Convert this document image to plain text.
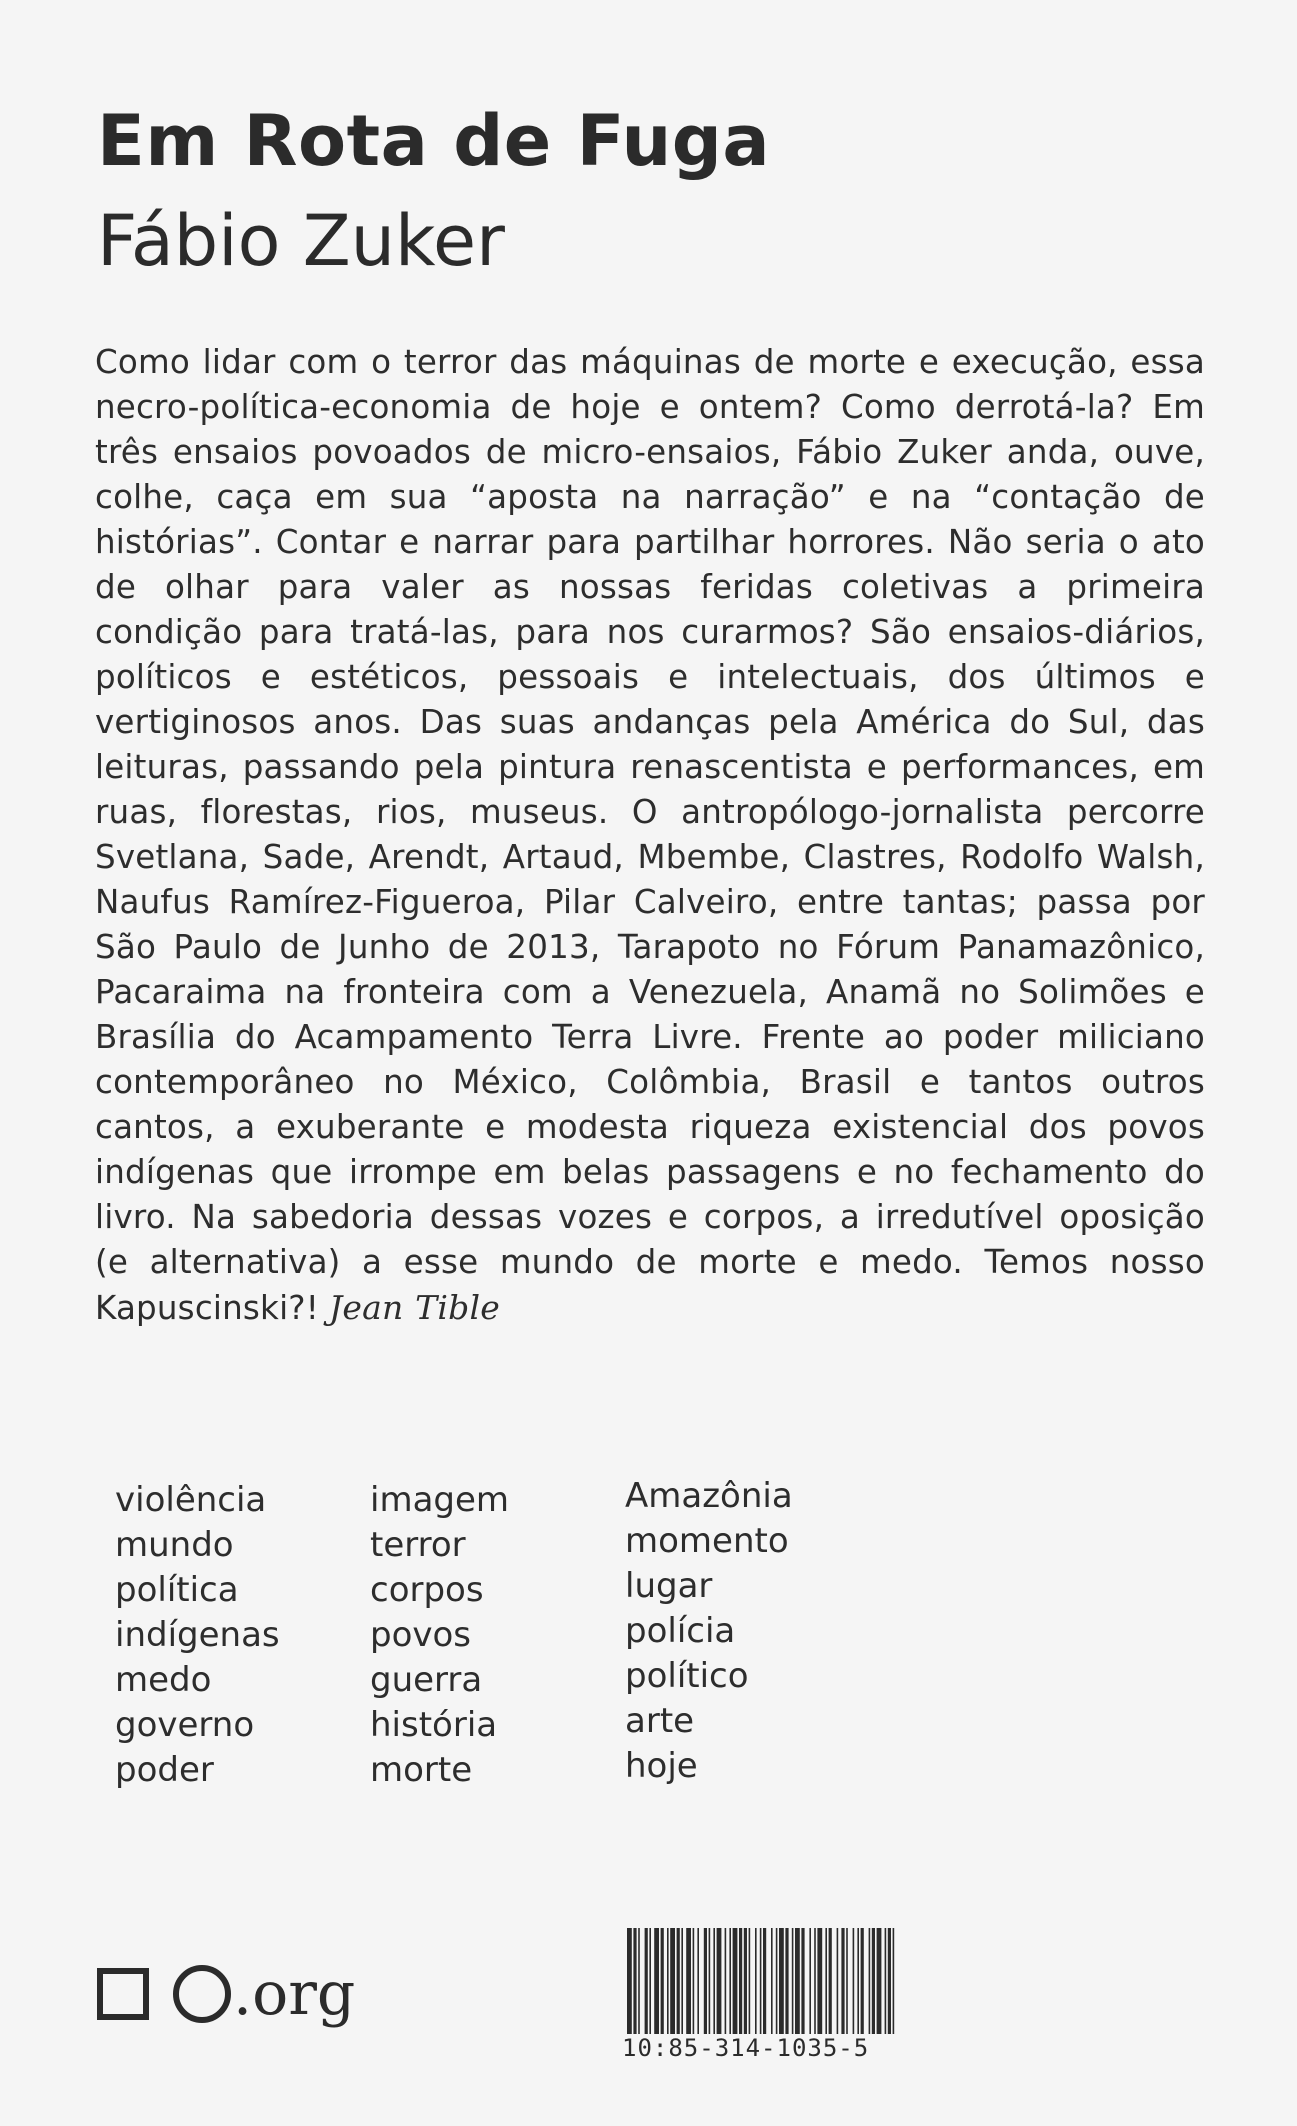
Em Rota de Fuga
Fábio Zuker

Como lidar com o terror das máquinas de morte e execução, essa necro-política-economia de hoje e ontem? Como derrotá-la? Em três ensaios povoados de micro-ensaios, Fábio Zuker anda, ouve, colhe, caça em sua “aposta na narração” e na “contação de histórias”. Contar e narrar para partilhar horrores. Não seria o ato de olhar para valer as nossas feridas coletivas a primeira condição para tratá-las, para nos curarmos? São ensaios-diários, políticos e estéticos, pessoais e intelectuais, dos últimos e vertiginosos anos. Das suas andanças pela América do Sul, das leituras, passando pela pintura renascentista e performances, em ruas, florestas, rios, museus. O antropólogo-jornalista percorre Svetlana, Sade, Arendt, Artaud, Mbembe, Clastres, Rodolfo Walsh, Naufus Ramírez-Figueroa, Pilar Calveiro, entre tantas; passa por São Paulo de Junho de 2013, Tarapoto no Fórum Panamazônico, Pacaraima na fronteira com a Venezuela, Anamã no Solimões e Brasília do Acampamento Terra Livre. Frente ao poder miliciano contemporâneo no México, Colômbia, Brasil e tantos outros cantos, a exuberante e modesta riqueza existencial dos povos indígenas que irrompe em belas passagens e no fechamento do livro. Na sabedoria dessas vozes e corpos, a irredutível oposição (e alternativa) a esse mundo de morte e medo. Temos nosso Kapuscinski?! Jean Tible

violência
mundo
política
indígenas
medo
governo
poder
imagem
terror
corpos
povos
guerra
história
morte
Amazônia
momento
lugar
polícia
político
arte
hoje
.org
10:85-314-1035-5
